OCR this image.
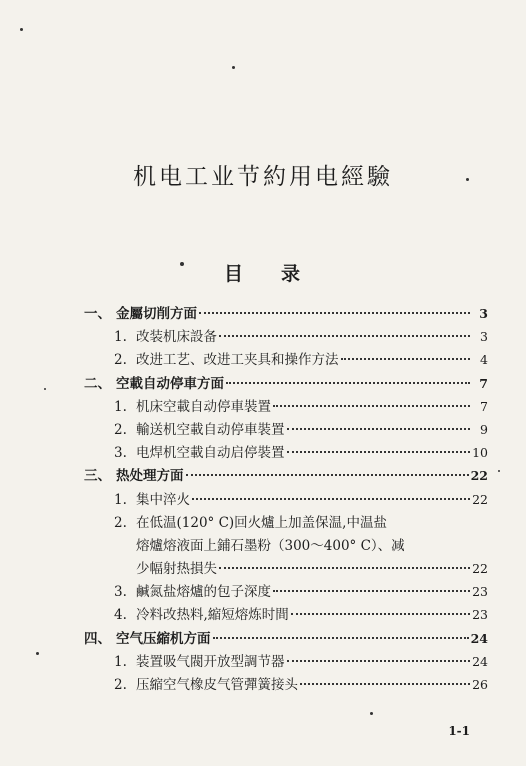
机电工业节約用电經驗
目 录
一、 金屬切削方面	3
1. 改装机床設备	3
2. 改进工艺、改进工夹具和操作方法	4
二、 空載自动停車方面	7
1. 机床空載自动停車裝置	7
2. 輸送机空載自动停車裝置	9
3. 电焊机空載自动启停裝置	10
三、 热处理方面	22
1. 集中淬火	22
2. 在低温(120° C)回火爐上加盖保温,中温盐
熔爐熔液面上鋪石墨粉（300～400° C）、减
少幅射热損失	22
3. 鹹氮盐熔爐的包子深度	23
4. 冷料改热料,縮短熔炼时間	23
四、 空气压縮机方面	24
1. 装置吸气閥开放型調节器	24
2. 压縮空气橡皮气管彈簧接头	26
1-1
